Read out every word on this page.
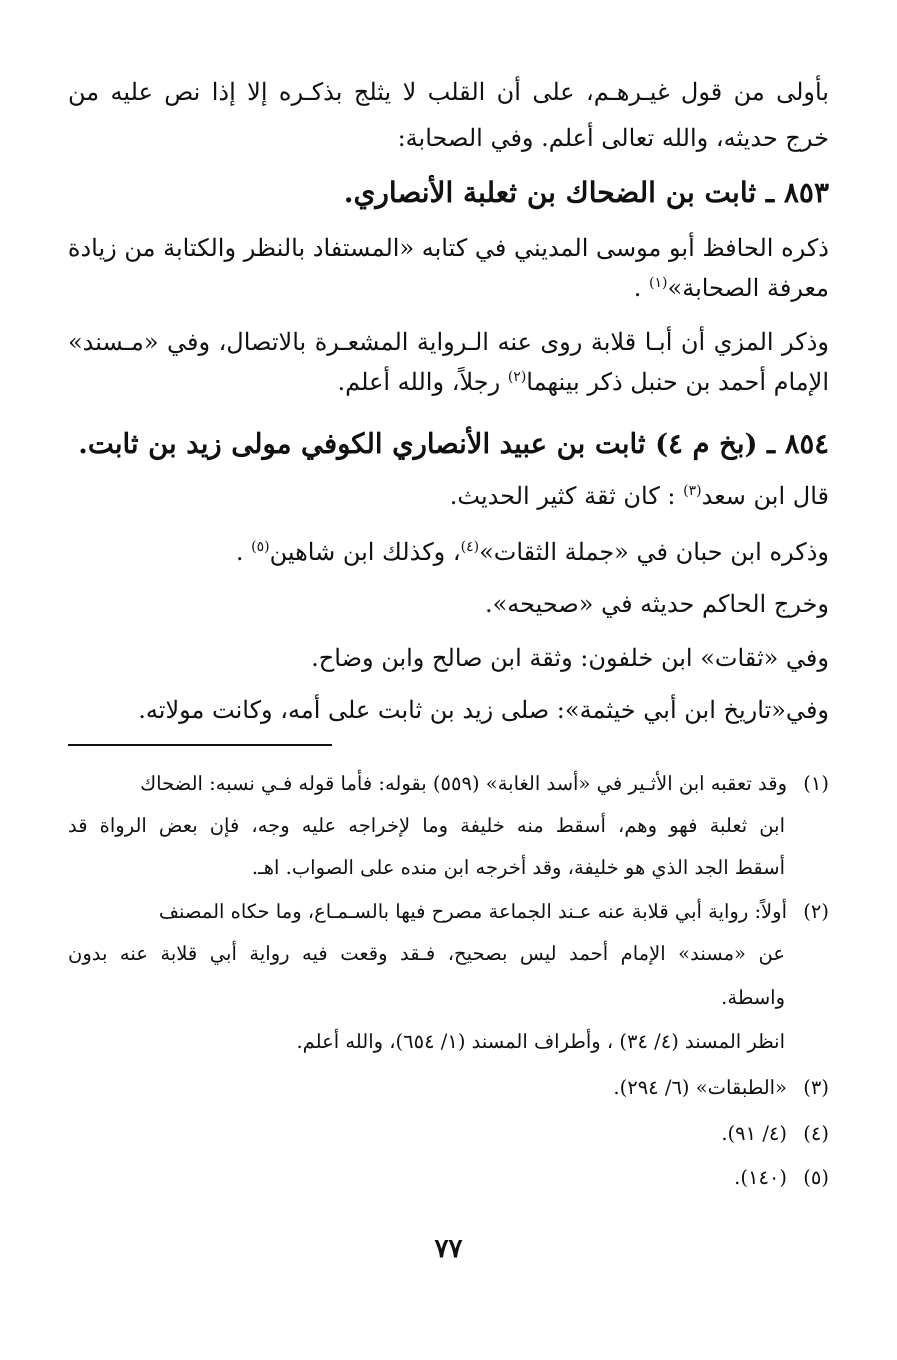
بأولى من قول غيـرهـم، على أن القلب لا يثلج بذكـره إلا إذا نص عليه من
خرج حديثه، والله تعالى أعلم. وفي الصحابة:
٨٥٣ ـ ثابت بن الضحاك بن ثعلبة الأنصاري.
ذكره الحافظ أبو موسى المديني في كتابه «المستفاد بالنظر والكتابة من زيادة
معرفة الصحابة»$^{(١)}$ .
وذكر المزي أن أبـا قلابة روى عنه الـرواية المشعـرة بالاتصال، وفي «مـسند»
الإمام أحمد بن حنبل ذكر بينهما$^{(٢)}$ رجلاً، والله أعلم.
٨٥٤ ـ (بخ م ٤) ثابت بن عبيد الأنصاري الكوفي مولى زيد بن ثابت.
قال ابن سعد$^{(٣)}$ : كان ثقة كثير الحديث.
وذكره ابن حبان في «جملة الثقات»$^{(٤)}$، وكذلك ابن شاهين$^{(٥)}$ .
وخرج الحاكم حديثه في «صحيحه».
وفي «ثقات» ابن خلفون: وثقة ابن صالح وابن وضاح.
وفي«تاريخ ابن أبي خيثمة»: صلى زيد بن ثابت على أمه، وكانت مولاته.
(١)وقد تعقبه ابن الأثـير في «أسد الغابة» (٥٥٩) بقوله: فأما قوله فـي نسبه: الضحاك
ابن ثعلبة فهو وهم، أسقط منه خليفة وما لإخراجه عليه وجه، فإن بعض الرواة قد
أسقط الجد الذي هو خليفة، وقد أخرجه ابن منده على الصواب. اهـ.
(٢)أولاً: رواية أبي قلابة عنه عـند الجماعة مصرح فيها بالسـمـاع، وما حكاه المصنف
عن «مسند» الإمام أحمد ليس بصحيح، فـقد وقعت فيه رواية أبي قلابة عنه بدون
واسطة.
انظر المسند (٤/ ٣٤) ، وأطراف المسند (١/ ٦٥٤)، والله أعلم.
(٣)«الطبقات» (٦/ ٢٩٤).
(٤)(٤/ ٩١).
(٥)(١٤٠).
٧٧
